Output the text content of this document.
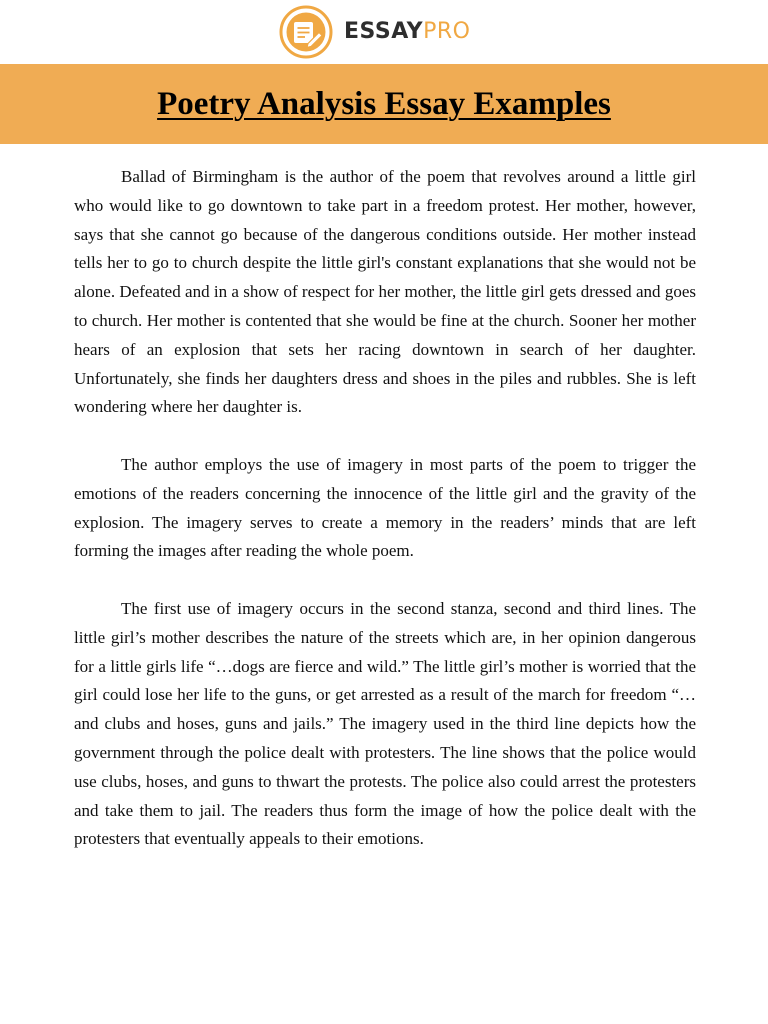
ESSAYPRO
Poetry Analysis Essay Examples

Ballad of Birmingham is the author of the poem that revolves around a little girl who would like to go downtown to take part in a freedom protest. Her mother, however, says that she cannot go because of the dangerous conditions outside. Her mother instead tells her to go to church despite the little girl's constant explanations that she would not be alone. Defeated and in a show of respect for her mother, the little girl gets dressed and goes to church. Her mother is contented that she would be fine at the church. Sooner her mother hears of an explosion that sets her racing downtown in search of her daughter. Unfortunately, she finds her daughters dress and shoes in the piles and rubbles. She is left wondering where her daughter is.

The author employs the use of imagery in most parts of the poem to trigger the emotions of the readers concerning the innocence of the little girl and the gravity of the explosion. The imagery serves to create a memory in the readers’ minds that are left forming the images after reading the whole poem.

The first use of imagery occurs in the second stanza, second and third lines. The little girl’s mother describes the nature of the streets which are, in her opinion dangerous for a little girls life “…dogs are fierce and wild.” The little girl’s mother is worried that the girl could lose her life to the guns, or get arrested as a result of the march for freedom “…and clubs and hoses, guns and jails.” The imagery used in the third line depicts how the government through the police dealt with protesters. The line shows that the police would use clubs, hoses, and guns to thwart the protests. The police also could arrest the protesters and take them to jail. The readers thus form the image of how the police dealt with the protesters that eventually appeals to their emotions.
